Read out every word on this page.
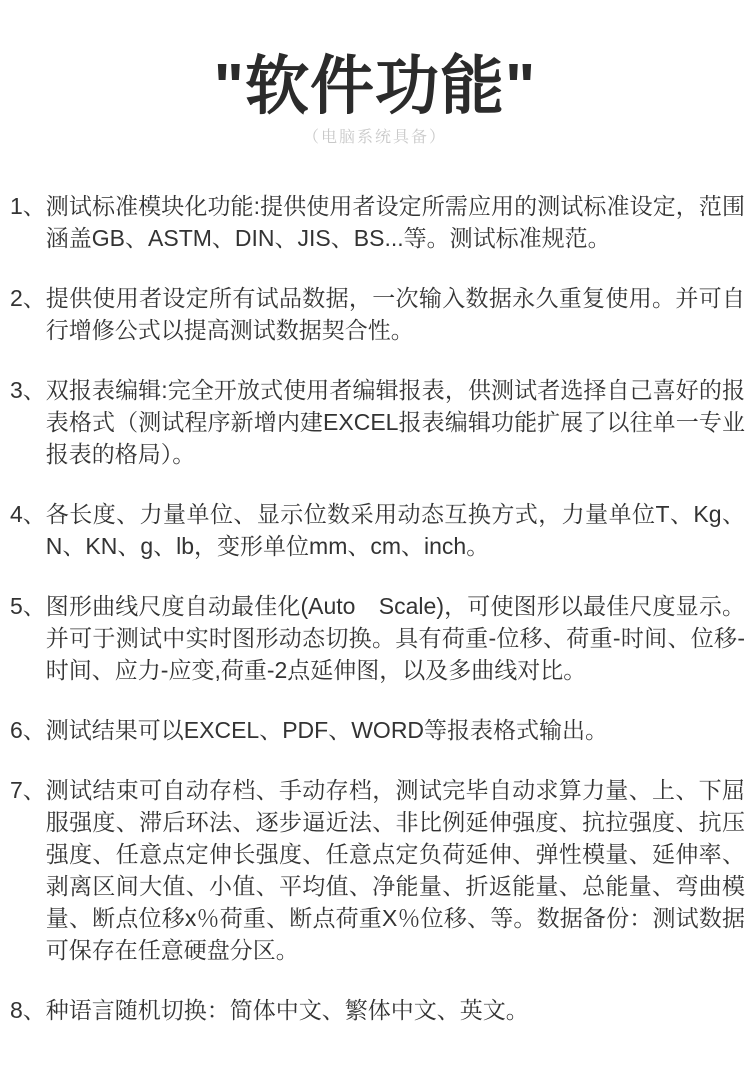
"软件功能"
（电脑系统具备）
1、 测试标准模块化功能:提供使用者设定所需应用的测试标准设定，范围涵盖GB、ASTM、DIN、JIS、BS...等。测试标准规范。
2、 提供使用者设定所有试品数据，一次输入数据永久重复使用。并可自行增修公式以提高测试数据契合性。
3、 双报表编辑:完全开放式使用者编辑报表，供测试者选择自己喜好的报表格式（测试程序新增内建EXCEL报表编辑功能扩展了以往单一专业报表的格局）。
4、 各长度、力量单位、显示位数采用动态互换方式，力量单位T、Kg、N、KN、g、lb，变形单位mm、cm、inch。
5、 图形曲线尺度自动最佳化(Auto　Scale)，可使图形以最佳尺度显示。并可于测试中实时图形动态切换。具有荷重-位移、荷重-时间、位移-时间、应力-应变,荷重-2点延伸图，以及多曲线对比。
6、 测试结果可以EXCEL、PDF、WORD等报表格式输出。
7、 测试结束可自动存档、手动存档，测试完毕自动求算力量、上、下屈服强度、滞后环法、逐步逼近法、非比例延伸强度、抗拉强度、抗压强度、任意点定伸长强度、任意点定负荷延伸、弹性模量、延伸率、剥离区间大值、小值、平均值、净能量、折返能量、总能量、弯曲模量、断点位移x％荷重、断点荷重X％位移、等。数据备份：测试数据可保存在任意硬盘分区。
8、 种语言随机切换：简体中文、繁体中文、英文。
